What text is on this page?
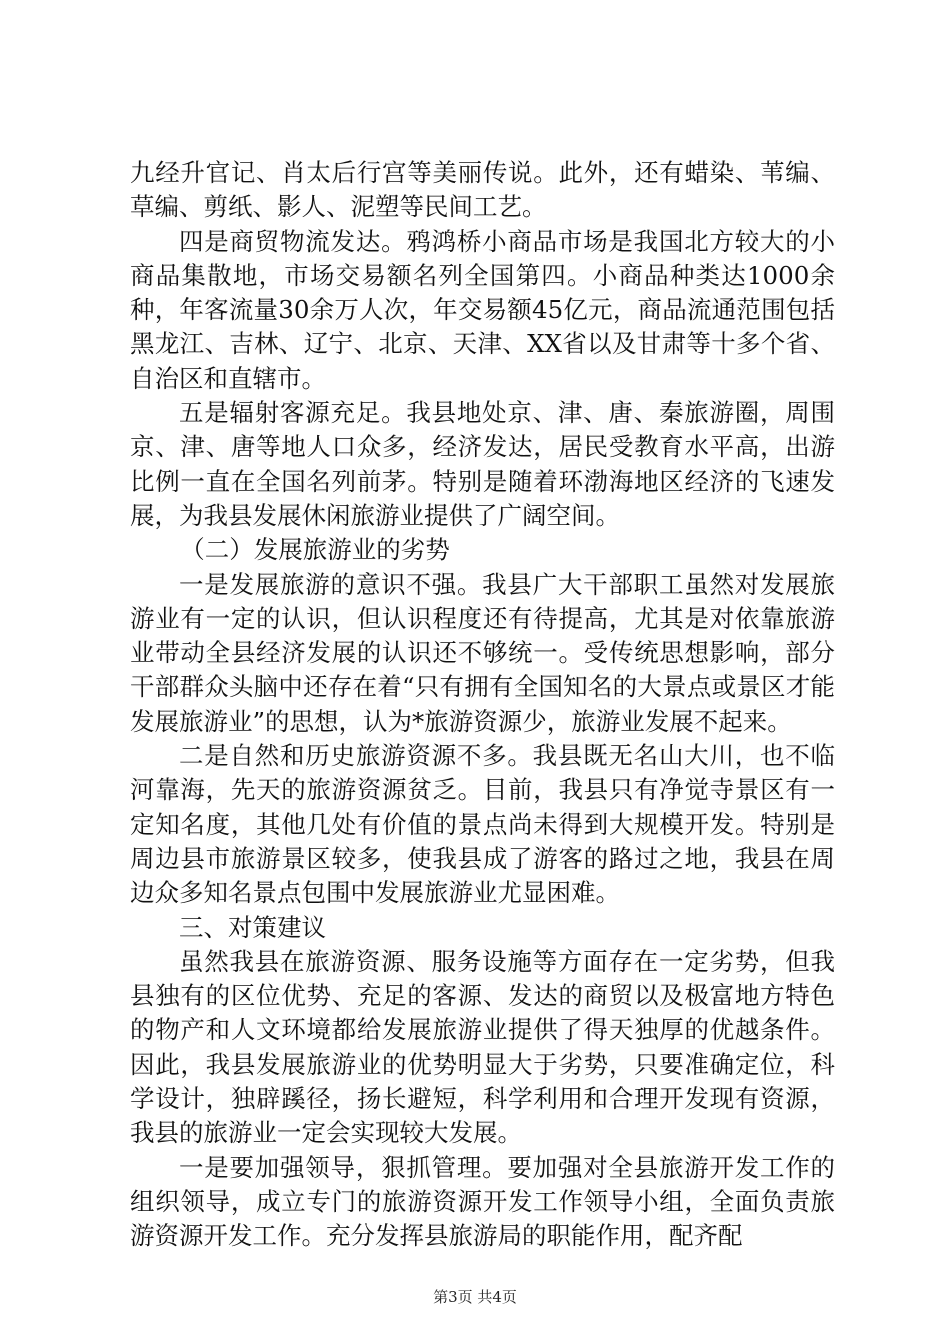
九经升官记、肖太后行宫等美丽传说。此外，还有蜡染、苇编、草编、剪纸、影人、泥塑等民间工艺。

四是商贸物流发达。鸦鸿桥小商品市场是我国北方较大的小商品集散地，市场交易额名列全国第四。小商品种类达1000余种，年客流量30余万人次，年交易额45亿元，商品流通范围包括黑龙江、吉林、辽宁、北京、天津、XX省以及甘肃等十多个省、自治区和直辖市。

五是辐射客源充足。我县地处京、津、唐、秦旅游圈，周围京、津、唐等地人口众多，经济发达，居民受教育水平高，出游比例一直在全国名列前茅。特别是随着环渤海地区经济的飞速发展，为我县发展休闲旅游业提供了广阔空间。

（二）发展旅游业的劣势

一是发展旅游的意识不强。我县广大干部职工虽然对发展旅游业有一定的认识，但认识程度还有待提高，尤其是对依靠旅游业带动全县经济发展的认识还不够统一。受传统思想影响，部分干部群众头脑中还存在着“只有拥有全国知名的大景点或景区才能发展旅游业”的思想，认为*旅游资源少，旅游业发展不起来。

二是自然和历史旅游资源不多。我县既无名山大川，也不临河靠海，先天的旅游资源贫乏。目前，我县只有净觉寺景区有一定知名度，其他几处有价值的景点尚未得到大规模开发。特别是周边县市旅游景区较多，使我县成了游客的路过之地，我县在周边众多知名景点包围中发展旅游业尤显困难。

三、对策建议

虽然我县在旅游资源、服务设施等方面存在一定劣势，但我县独有的区位优势、充足的客源、发达的商贸以及极富地方特色的物产和人文环境都给发展旅游业提供了得天独厚的优越条件。因此，我县发展旅游业的优势明显大于劣势，只要准确定位，科学设计，独辟蹊径，扬长避短，科学利用和合理开发现有资源，我县的旅游业一定会实现较大发展。

一是要加强领导，狠抓管理。要加强对全县旅游开发工作的组织领导，成立专门的旅游资源开发工作领导小组，全面负责旅游资源开发工作。充分发挥县旅游局的职能作用，配齐配

第3页 共4页
